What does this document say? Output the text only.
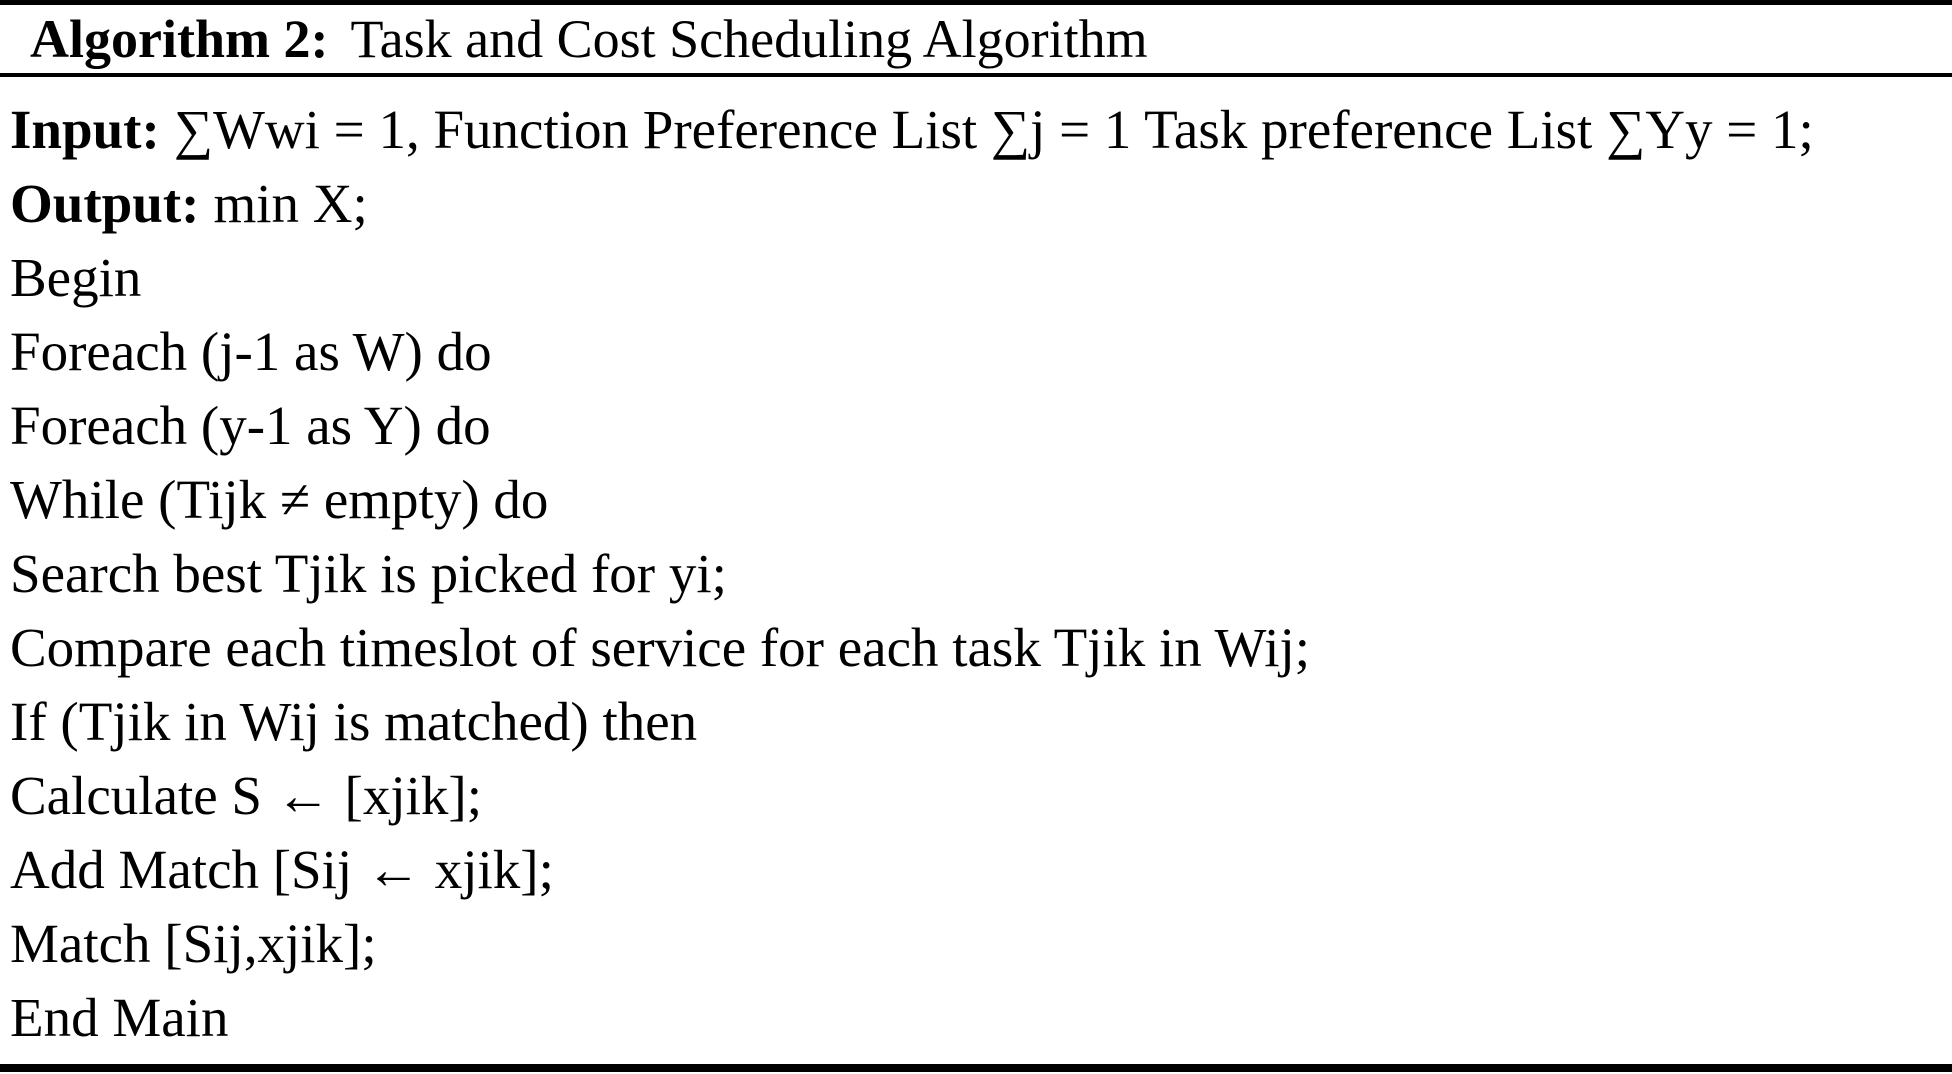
Algorithm 2: Task and Cost Scheduling Algorithm
Input: ∑Wwi = 1, Function Preference List ∑j = 1 Task preference List ∑Yy = 1;
Output: min X;
Begin
Foreach (j-1 as W) do
Foreach (y-1 as Y) do
While (Tijk ≠ empty) do
Search best Tjik is picked for yi;
Compare each timeslot of service for each task Tjik in Wij;
If (Tjik in Wij is matched) then
Calculate S ← [xjik];
Add Match [Sij ← xjik];
Match [Sij,xjik];
End Main
